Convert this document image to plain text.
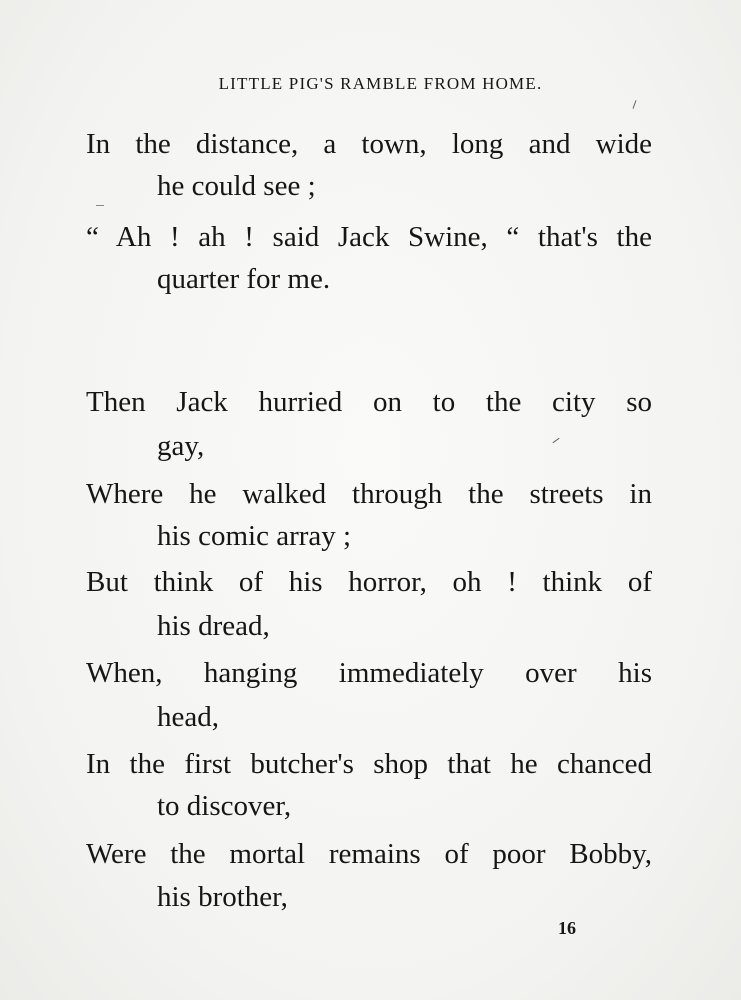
LITTLE PIG'S RAMBLE FROM HOME.
In the distance, a town, long and wide
he could see ;
“ Ah ! ah ! said Jack Swine, “ that's the
quarter for me.
Then Jack hurried on to the city so
gay,
Where he walked through the streets in
his comic array ;
But think of his horror, oh ! think of
his dread,
When, hanging immediately over his
head,
In the first butcher's shop that he chanced
to discover,
Were the mortal remains of poor Bobby,
his brother,
16
